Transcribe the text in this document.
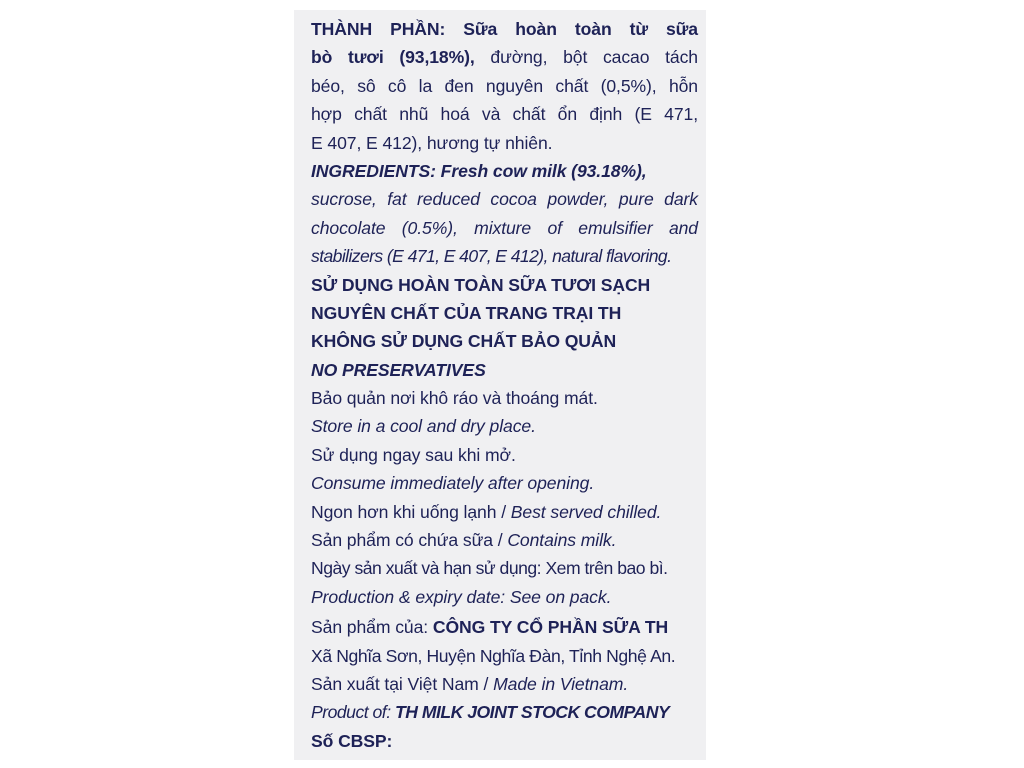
THÀNH PHẦN: Sữa hoàn toàn từ sữa
bò tươi (93,18%), đường, bột cacao tách
béo, sô cô la đen nguyên chất (0,5%), hỗn
hợp chất nhũ hoá và chất ổn định (E 471,
E 407, E 412), hương tự nhiên.
INGREDIENTS: Fresh cow milk (93.18%),
sucrose, fat reduced cocoa powder, pure dark
chocolate (0.5%), mixture of emulsifier and
stabilizers (E 471, E 407, E 412), natural flavoring.
SỬ DỤNG HOÀN TOÀN SỮA TƯƠI SẠCH
NGUYÊN CHẤT CỦA TRANG TRẠI TH
KHÔNG SỬ DỤNG CHẤT BẢO QUẢN
NO PRESERVATIVES
Bảo quản nơi khô ráo và thoáng mát.
Store in a cool and dry place.
Sử dụng ngay sau khi mở.
Consume immediately after opening.
Ngon hơn khi uống lạnh / Best served chilled.
Sản phẩm có chứa sữa / Contains milk.
Ngày sản xuất và hạn sử dụng: Xem trên bao bì.
Production & expiry date: See on pack.
Sản phẩm của: CÔNG TY CỔ PHẦN SỮA TH
Xã Nghĩa Sơn, Huyện Nghĩa Đàn, Tỉnh Nghệ An.
Sản xuất tại Việt Nam / Made in Vietnam.
Product of: TH MILK JOINT STOCK COMPANY
Số CBSP:
